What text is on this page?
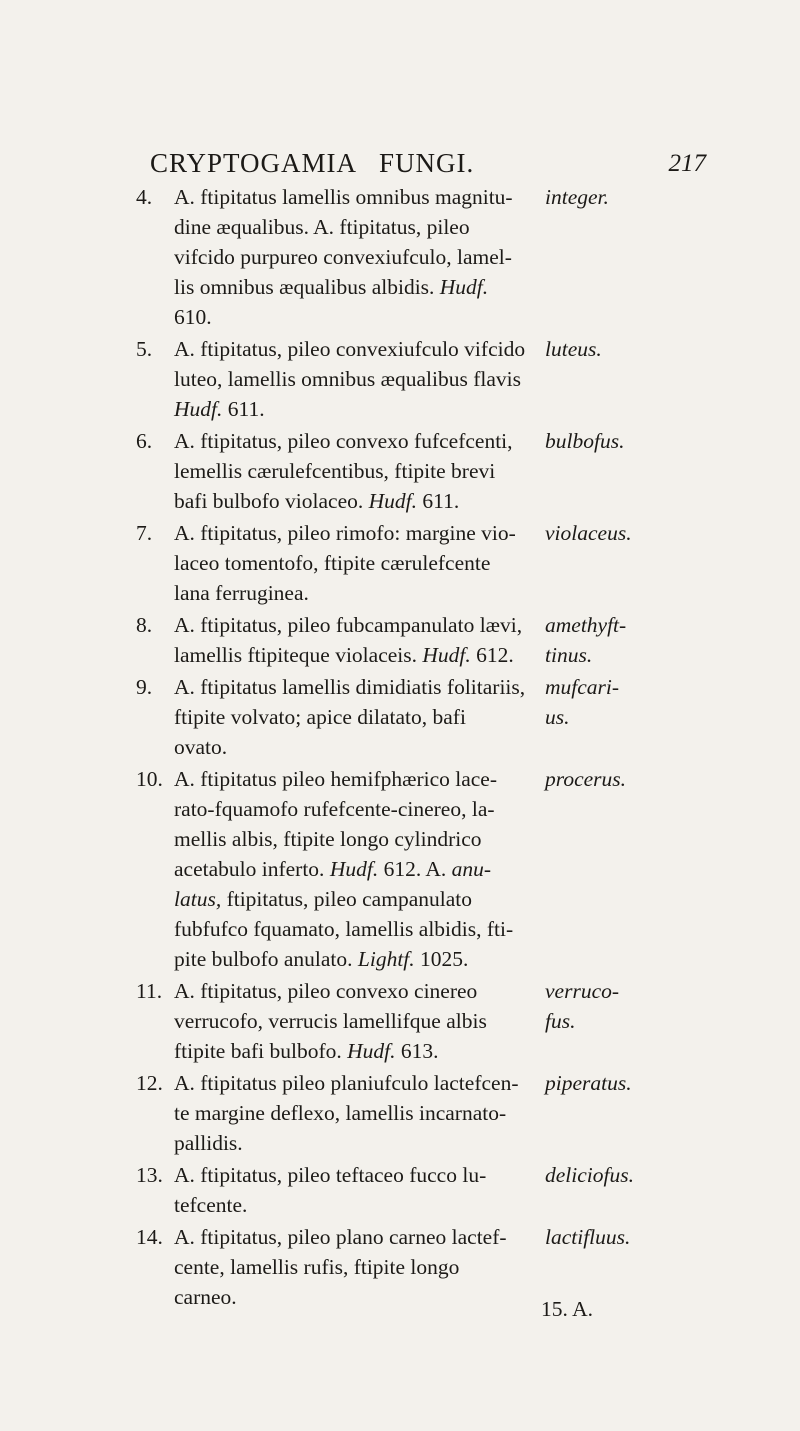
CRYPTOGAMIA FUNGI.	217
4. A. ftipitatus lamellis omnibus magnitu- integer.
dine æqualibus. A. ftipitatus, pileo
vifcido purpureo convexiufculo, lamel-
lis omnibus æqualibus albidis. Hudf.
610.
5. A. ftipitatus, pileo convexiufculo vifcido luteus.
luteo, lamellis omnibus æqualibus flavis
Hudf. 611.
6. A. ftipitatus, pileo convexo fufcefcenti, bulbofus.
lemellis cærulefcentibus, ftipite brevi
bafi bulbofo violaceo. Hudf. 611.
7. A. ftipitatus, pileo rimofo: margine vio- violaceus.
laceo tomentofo, ftipite cærulefcente
lana ferruginea.
8. A. ftipitatus, pileo fubcampanulato lævi, amethyft-
lamellis ftipiteque violaceis. Hudf. 612. tinus.
9. A. ftipitatus lamellis dimidiatis folitariis, mufcari-
ftipite volvato; apice dilatato, bafi	us.
ovato.
10. A. ftipitatus pileo hemifphærico lace- procerus.
rato-fquamofo rufefcente-cinereo, la-
mellis albis, ftipite longo cylindrico
acetabulo inferto. Hudf. 612. A. anu-
latus, ftipitatus, pileo campanulato
fubfufco fquamato, lamellis albidis, fti-
pite bulbofo anulato. Lightf. 1025.
11. A. ftipitatus, pileo convexo cinereo	verruco-
verrucofo, verrucis lamellifque albis	fus.
ftipite bafi bulbofo. Hudf. 613.
12. A. ftipitatus pileo planiufculo lactefcen- piperatus.
te margine deflexo, lamellis incarnato-
pallidis.
13. A. ftipitatus, pileo teftaceo fucco lu-	deliciofus.
tefcente.
14. A. ftipitatus, pileo plano carneo lactef- lactifluus.
cente, lamellis rufis, ftipite longo
carneo.	15. A.
